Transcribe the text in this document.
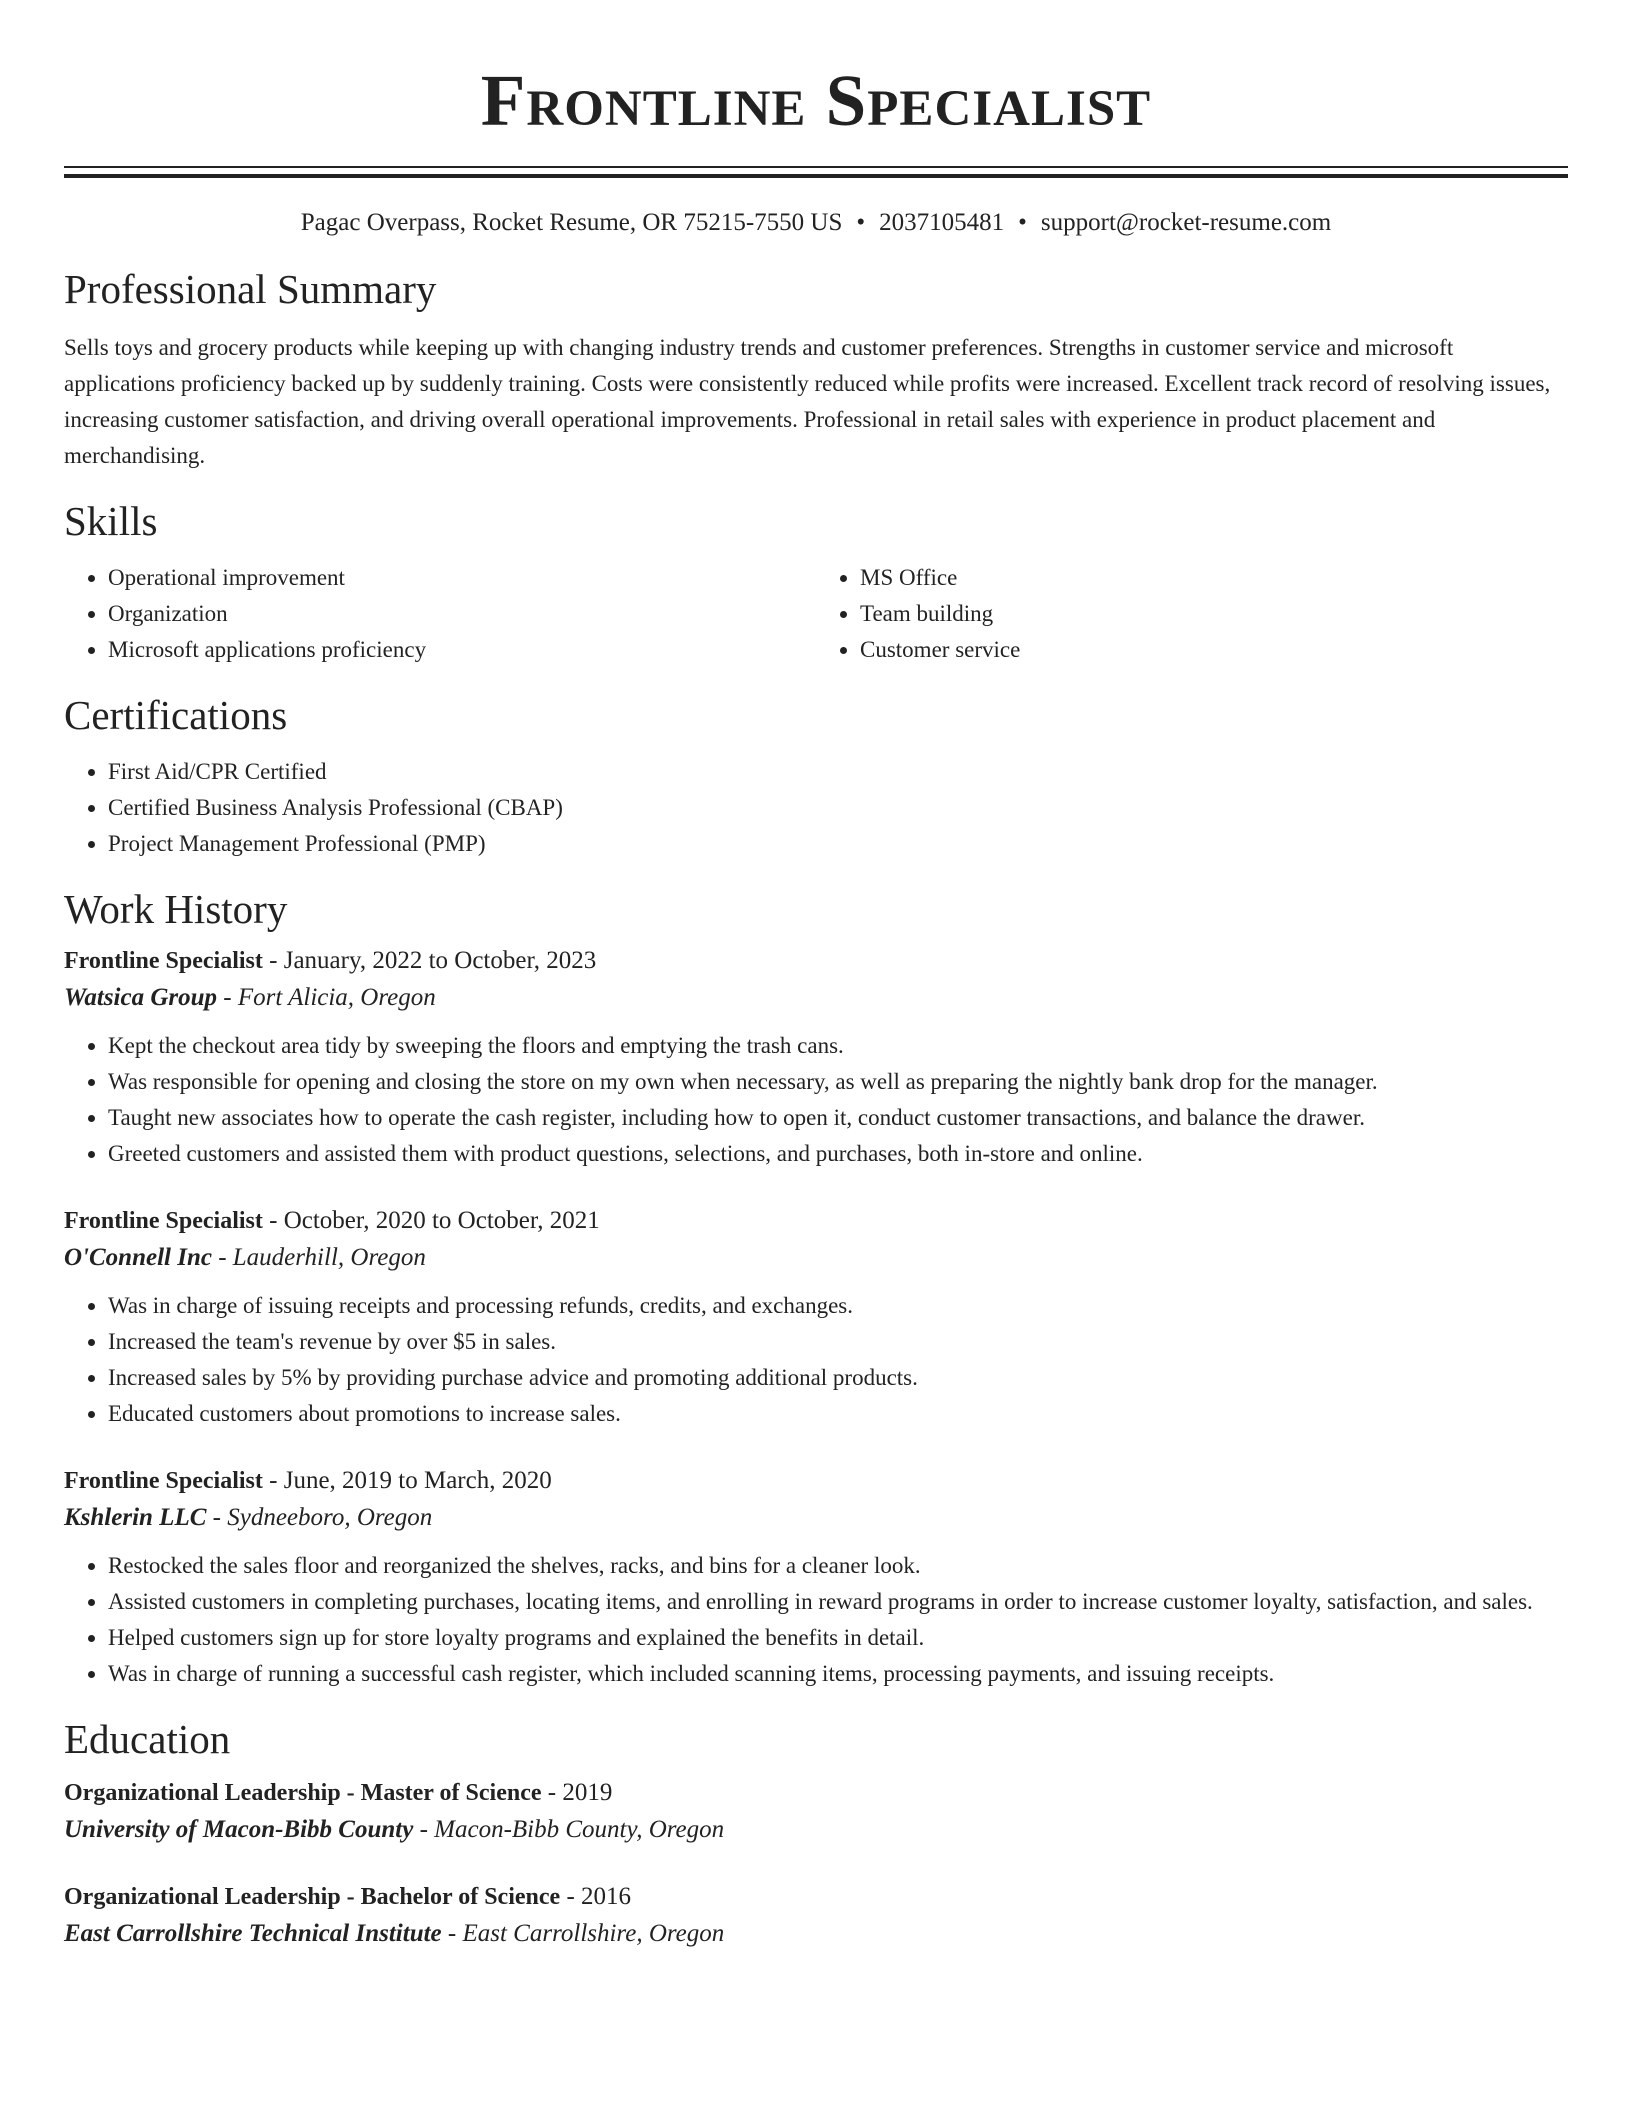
Frontline Specialist
Pagac Overpass, Rocket Resume, OR 75215-7550 US • 2037105481 • support@rocket-resume.com
Professional Summary

Sells toys and grocery products while keeping up with changing industry trends and customer preferences. Strengths in customer service and microsoft applications proficiency backed up by suddenly training. Costs were consistently reduced while profits were increased. Excellent track record of resolving issues, increasing customer satisfaction, and driving overall operational improvements. Professional in retail sales with experience in product placement and merchandising.

Skills
• Operational improvement
• Organization
• Microsoft applications proficiency
• MS Office
• Team building
• Customer service
Certifications
• First Aid/CPR Certified
• Certified Business Analysis Professional (CBAP)
• Project Management Professional (PMP)
Work History
Frontline Specialist - January, 2022 to October, 2023
Watsica Group - Fort Alicia, Oregon
• Kept the checkout area tidy by sweeping the floors and emptying the trash cans.
• Was responsible for opening and closing the store on my own when necessary, as well as preparing the nightly bank drop for the manager.
• Taught new associates how to operate the cash register, including how to open it, conduct customer transactions, and balance the drawer.
• Greeted customers and assisted them with product questions, selections, and purchases, both in-store and online.
Frontline Specialist - October, 2020 to October, 2021
O'Connell Inc - Lauderhill, Oregon
• Was in charge of issuing receipts and processing refunds, credits, and exchanges.
• Increased the team's revenue by over $5 in sales.
• Increased sales by 5% by providing purchase advice and promoting additional products.
• Educated customers about promotions to increase sales.
Frontline Specialist - June, 2019 to March, 2020
Kshlerin LLC - Sydneeboro, Oregon
• Restocked the sales floor and reorganized the shelves, racks, and bins for a cleaner look.
• Assisted customers in completing purchases, locating items, and enrolling in reward programs in order to increase customer loyalty, satisfaction, and sales.
• Helped customers sign up for store loyalty programs and explained the benefits in detail.
• Was in charge of running a successful cash register, which included scanning items, processing payments, and issuing receipts.
Education
Organizational Leadership - Master of Science - 2019
University of Macon-Bibb County - Macon-Bibb County, Oregon
Organizational Leadership - Bachelor of Science - 2016
East Carrollshire Technical Institute - East Carrollshire, Oregon
